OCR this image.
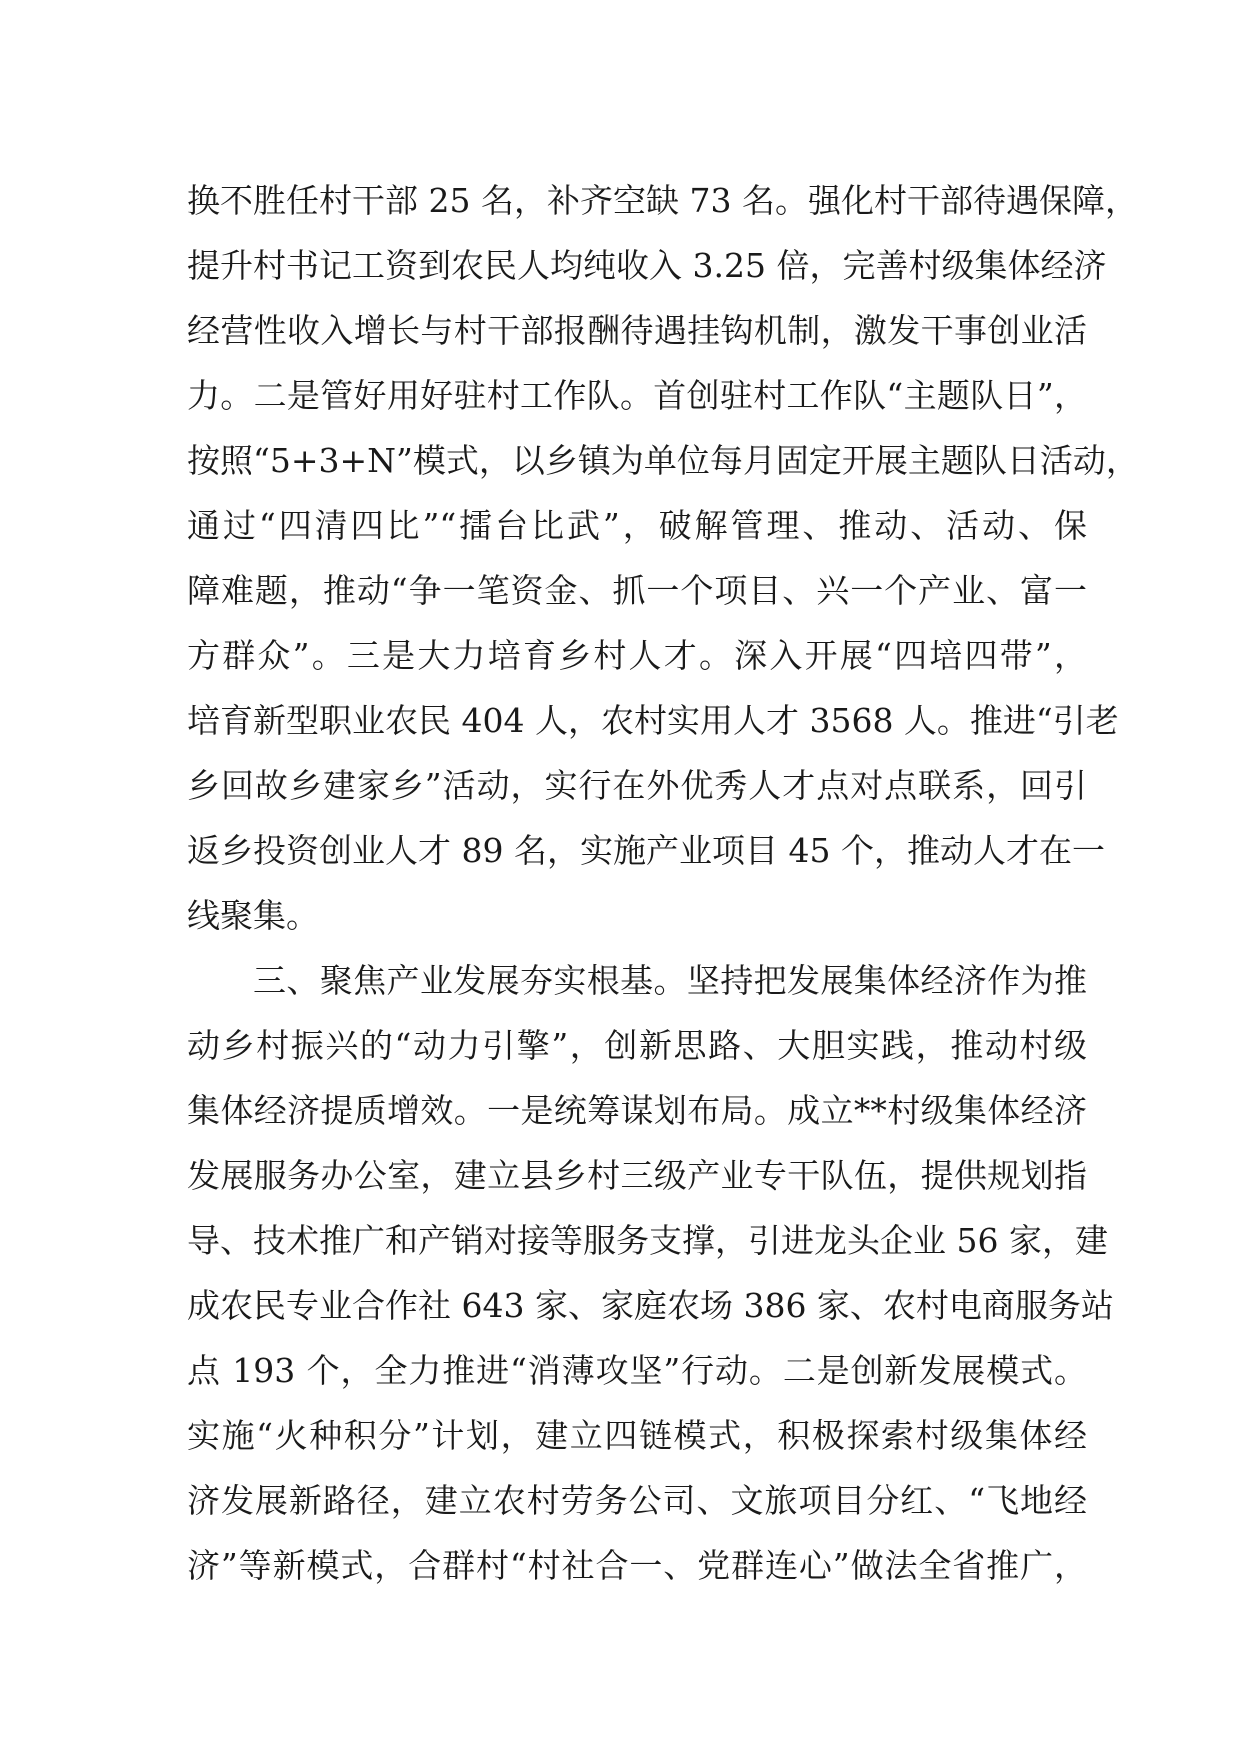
换不胜任村干部 25 名，补齐空缺 73 名。强化村干部待遇保障，
提升村书记工资到农民人均纯收入 3.25 倍，完善村级集体经济
经营性收入增长与村干部报酬待遇挂钩机制，激发干事创业活
力。二是管好用好驻村工作队。首创驻村工作队“主题队日”，
按照“5+3+N”模式，以乡镇为单位每月固定开展主题队日活动，
通过“四清四比”“擂台比武”，破解管理、推动、活动、保
障难题，推动“争一笔资金、抓一个项目、兴一个产业、富一
方群众”。三是大力培育乡村人才。深入开展“四培四带”，
培育新型职业农民 404 人，农村实用人才 3568 人。推进“引老
乡回故乡建家乡”活动，实行在外优秀人才点对点联系，回引
返乡投资创业人才 89 名，实施产业项目 45 个，推动人才在一
线聚集。
三、聚焦产业发展夯实根基。坚持把发展集体经济作为推
动乡村振兴的“动力引擎”，创新思路、大胆实践，推动村级
集体经济提质增效。一是统筹谋划布局。成立**村级集体经济
发展服务办公室，建立县乡村三级产业专干队伍，提供规划指
导、技术推广和产销对接等服务支撑，引进龙头企业 56 家，建
成农民专业合作社 643 家、家庭农场 386 家、农村电商服务站
点 193 个，全力推进“消薄攻坚”行动。二是创新发展模式。
实施“火种积分”计划，建立四链模式，积极探索村级集体经
济发展新路径，建立农村劳务公司、文旅项目分红、“飞地经
济”等新模式，合群村“村社合一、党群连心”做法全省推广，
